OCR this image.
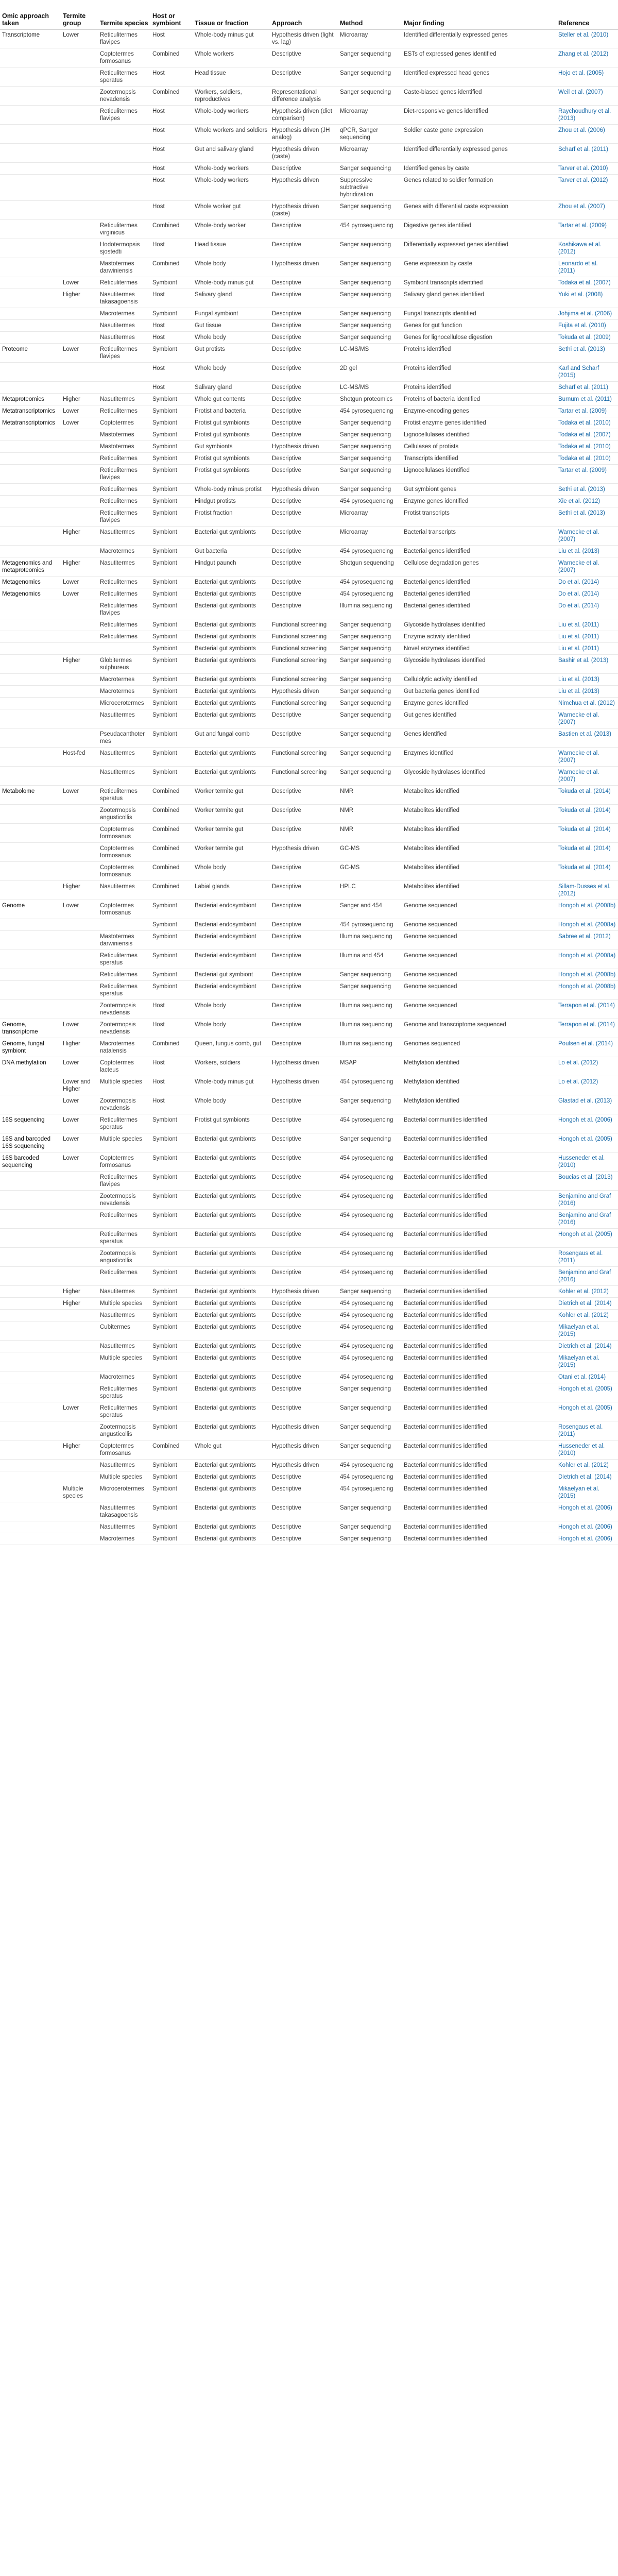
Omic approach taken	Termite group	Termite species	Host or symbiont	Tissue or fraction	Approach	Method	Major finding	Reference
Transcriptome	Lower	Reticulitermes flavipes	Host	Whole-body minus gut	Hypothesis driven (light vs. lag)	Microarray	Identified differentially expressed genes	Steller et al. (2010)
		Coptotermes formosanus	Combined	Whole workers	Descriptive	Sanger sequencing	ESTs of expressed genes identified	Zhang et al. (2012)
		Reticulitermes speratus	Host	Head tissue	Descriptive	Sanger sequencing	Identified expressed head genes	Hojo et al. (2005)
		Zootermopsis nevadensis	Combined	Workers, soldiers, reproductives	Representational difference analysis	Sanger sequencing	Caste-biased genes identified	Weil et al. (2007)
		Reticulitermes flavipes	Host	Whole-body workers	Hypothesis driven (diet comparison)	Microarray	Diet-responsive genes identified	Raychoudhury et al. (2013)
			Host	Whole workers and soldiers	Hypothesis driven (JH analog)	qPCR, Sanger sequencing	Soldier caste gene expression	Zhou et al. (2006)
			Host	Gut and salivary gland	Hypothesis driven (caste)	Microarray	Identified differentially expressed genes	Scharf et al. (2011)
			Host	Whole-body workers	Descriptive	Sanger sequencing	Identified genes by caste	Tarver et al. (2010)
			Host	Whole-body workers	Hypothesis driven	Suppressive subtractive hybridization	Genes related to soldier formation	Tarver et al. (2012)
			Host	Whole worker gut	Hypothesis driven (caste)	Sanger sequencing	Genes with differential caste expression	Zhou et al. (2007)
		Reticulitermes virginicus	Combined	Whole-body worker	Descriptive	454 pyrosequencing	Digestive genes identified	Tartar et al. (2009)
		Hodotermopsis sjostedti	Host	Head tissue	Descriptive	Sanger sequencing	Differentially expressed genes identified	Koshikawa et al. (2012)
		Mastotermes darwiniensis	Combined	Whole body	Hypothesis driven	Sanger sequencing	Gene expression by caste	Leonardo et al. (2011)
	Lower	Reticulitermes	Symbiont	Whole-body minus gut	Descriptive	Sanger sequencing	Symbiont transcripts identified	Todaka et al. (2007)
	Higher	Nasutitermes takasagoensis	Host	Salivary gland	Descriptive	Sanger sequencing	Salivary gland genes identified	Yuki et al. (2008)
		Macrotermes	Symbiont	Fungal symbiont	Descriptive	Sanger sequencing	Fungal transcripts identified	Johjima et al. (2006)
		Nasutitermes	Host	Gut tissue	Descriptive	Sanger sequencing	Genes for gut function	Fujita et al. (2010)
		Nasutitermes	Host	Whole body	Descriptive	Sanger sequencing	Genes for lignocellulose digestion	Tokuda et al. (2009)
Proteome	Lower	Reticulitermes flavipes	Symbiont	Gut protists	Descriptive	LC-MS/MS	Proteins identified	Sethi et al. (2013)
			Host	Whole body	Descriptive	2D gel	Proteins identified	Karl and Scharf (2015)
			Host	Salivary gland	Descriptive	LC-MS/MS	Proteins identified	Scharf et al. (2011)
Metaproteomics	Higher	Nasutitermes	Symbiont	Whole gut contents	Descriptive	Shotgun proteomics	Proteins of bacteria identified	Burnum et al. (2011)
Metatranscriptomics	Lower	Reticulitermes	Symbiont	Protist and bacteria	Descriptive	454 pyrosequencing	Enzyme-encoding genes	Tartar et al. (2009)
Metatranscriptomics	Lower	Coptotermes	Symbiont	Protist gut symbionts	Descriptive	Sanger sequencing	Protist enzyme genes identified	Todaka et al. (2010)
		Mastotermes	Symbiont	Protist gut symbionts	Descriptive	Sanger sequencing	Lignocellulases identified	Todaka et al. (2007)
		Mastotermes	Symbiont	Gut symbionts	Hypothesis driven	Sanger sequencing	Cellulases of protists	Todaka et al. (2010)
		Reticulitermes	Symbiont	Protist gut symbionts	Descriptive	Sanger sequencing	Transcripts identified	Todaka et al. (2010)
		Reticulitermes flavipes	Symbiont	Protist gut symbionts	Descriptive	Sanger sequencing	Lignocellulases identified	Tartar et al. (2009)
		Reticulitermes	Symbiont	Whole-body minus protist	Hypothesis driven	Sanger sequencing	Gut symbiont genes	Sethi et al. (2013)
		Reticulitermes	Symbiont	Hindgut protists	Descriptive	454 pyrosequencing	Enzyme genes identified	Xie et al. (2012)
		Reticulitermes flavipes	Symbiont	Protist fraction	Descriptive	Microarray	Protist transcripts	Sethi et al. (2013)
	Higher	Nasutitermes	Symbiont	Bacterial gut symbionts	Descriptive	Microarray	Bacterial transcripts	Warnecke et al. (2007)
		Macrotermes	Symbiont	Gut bacteria	Descriptive	454 pyrosequencing	Bacterial genes identified	Liu et al. (2013)
Metagenomics and metaproteomics	Higher	Nasutitermes	Symbiont	Hindgut paunch	Descriptive	Shotgun sequencing	Cellulose degradation genes	Warnecke et al. (2007)
Metagenomics	Lower	Reticulitermes	Symbiont	Bacterial gut symbionts	Descriptive	454 pyrosequencing	Bacterial genes identified	Do et al. (2014)
Metagenomics	Lower	Reticulitermes	Symbiont	Bacterial gut symbionts	Descriptive	454 pyrosequencing	Bacterial genes identified	Do et al. (2014)
		Reticulitermes flavipes	Symbiont	Bacterial gut symbionts	Descriptive	Illumina sequencing	Bacterial genes identified	Do et al. (2014)
		Reticulitermes	Symbiont	Bacterial gut symbionts	Functional screening	Sanger sequencing	Glycoside hydrolases identified	Liu et al. (2011)
		Reticulitermes	Symbiont	Bacterial gut symbionts	Functional screening	Sanger sequencing	Enzyme activity identified	Liu et al. (2011)
			Symbiont	Bacterial gut symbionts	Functional screening	Sanger sequencing	Novel enzymes identified	Liu et al. (2011)
	Higher	Globitermes sulphureus	Symbiont	Bacterial gut symbionts	Functional screening	Sanger sequencing	Glycoside hydrolases identified	Bashir et al. (2013)
		Macrotermes	Symbiont	Bacterial gut symbionts	Functional screening	Sanger sequencing	Cellulolytic activity identified	Liu et al. (2013)
		Macrotermes	Symbiont	Bacterial gut symbionts	Hypothesis driven	Sanger sequencing	Gut bacteria genes identified	Liu et al. (2013)
		Microcerotermes	Symbiont	Bacterial gut symbionts	Functional screening	Sanger sequencing	Enzyme genes identified	Nimchua et al. (2012)
		Nasutitermes	Symbiont	Bacterial gut symbionts	Descriptive	Sanger sequencing	Gut genes identified	Warnecke et al. (2007)
		Pseudacanthotermes	Symbiont	Gut and fungal comb	Descriptive	Sanger sequencing	Genes identified	Bastien et al. (2013)
	Host-fed	Nasutitermes	Symbiont	Bacterial gut symbionts	Functional screening	Sanger sequencing	Enzymes identified	Warnecke et al. (2007)
		Nasutitermes	Symbiont	Bacterial gut symbionts	Functional screening	Sanger sequencing	Glycoside hydrolases identified	Warnecke et al. (2007)
Metabolome	Lower	Reticulitermes speratus	Combined	Worker termite gut	Descriptive	NMR	Metabolites identified	Tokuda et al. (2014)
		Zootermopsis angusticollis	Combined	Worker termite gut	Descriptive	NMR	Metabolites identified	Tokuda et al. (2014)
		Coptotermes formosanus	Combined	Worker termite gut	Descriptive	NMR	Metabolites identified	Tokuda et al. (2014)
		Coptotermes formosanus	Combined	Worker termite gut	Hypothesis driven	GC-MS	Metabolites identified	Tokuda et al. (2014)
		Coptotermes formosanus	Combined	Whole body	Descriptive	GC-MS	Metabolites identified	Tokuda et al. (2014)
	Higher	Nasutitermes	Combined	Labial glands	Descriptive	HPLC	Metabolites identified	Sillam-Dusses et al. (2012)
Genome	Lower	Coptotermes formosanus	Symbiont	Bacterial endosymbiont	Descriptive	Sanger and 454	Genome sequenced	Hongoh et al. (2008b)
			Symbiont	Bacterial endosymbiont	Descriptive	454 pyrosequencing	Genome sequenced	Hongoh et al. (2008a)
		Mastotermes darwiniensis	Symbiont	Bacterial endosymbiont	Descriptive	Illumina sequencing	Genome sequenced	Sabree et al. (2012)
		Reticulitermes speratus	Symbiont	Bacterial endosymbiont	Descriptive	Illumina and 454	Genome sequenced	Hongoh et al. (2008a)
		Reticulitermes	Symbiont	Bacterial gut symbiont	Descriptive	Sanger sequencing	Genome sequenced	Hongoh et al. (2008b)
		Reticulitermes speratus	Symbiont	Bacterial endosymbiont	Descriptive	Sanger sequencing	Genome sequenced	Hongoh et al. (2008b)
		Zootermopsis nevadensis	Host	Whole body	Descriptive	Illumina sequencing	Genome sequenced	Terrapon et al. (2014)
Genome, transcriptome	Lower	Zootermopsis nevadensis	Host	Whole body	Descriptive	Illumina sequencing	Genome and transcriptome sequenced	Terrapon et al. (2014)
Genome, fungal symbiont	Higher	Macrotermes natalensis	Combined	Queen, fungus comb, gut	Descriptive	Illumina sequencing	Genomes sequenced	Poulsen et al. (2014)
DNA methylation	Lower	Coptotermes lacteus	Host	Workers, soldiers	Hypothesis driven	MSAP	Methylation identified	Lo et al. (2012)
	Lower and Higher	Multiple species	Host	Whole-body minus gut	Hypothesis driven	454 pyrosequencing	Methylation identified	Lo et al. (2012)
	Lower	Zootermopsis nevadensis	Host	Whole body	Descriptive	Sanger sequencing	Methylation identified	Glastad et al. (2013)
16S sequencing	Lower	Reticulitermes speratus	Symbiont	Protist gut symbionts	Descriptive	454 pyrosequencing	Bacterial communities identified	Hongoh et al. (2006)
16S and barcoded 16S sequencing	Lower	Multiple species	Symbiont	Bacterial gut symbionts	Descriptive	Sanger sequencing	Bacterial communities identified	Hongoh et al. (2005)
16S barcoded sequencing	Lower	Coptotermes formosanus	Symbiont	Bacterial gut symbionts	Descriptive	454 pyrosequencing	Bacterial communities identified	Husseneder et al. (2010)
		Reticulitermes flavipes	Symbiont	Bacterial gut symbionts	Descriptive	454 pyrosequencing	Bacterial communities identified	Boucias et al. (2013)
		Zootermopsis nevadensis	Symbiont	Bacterial gut symbionts	Descriptive	454 pyrosequencing	Bacterial communities identified	Benjamino and Graf (2016)
		Reticulitermes	Symbiont	Bacterial gut symbionts	Descriptive	454 pyrosequencing	Bacterial communities identified	Benjamino and Graf (2016)
		Reticulitermes speratus	Symbiont	Bacterial gut symbionts	Descriptive	454 pyrosequencing	Bacterial communities identified	Hongoh et al. (2005)
		Zootermopsis angusticollis	Symbiont	Bacterial gut symbionts	Descriptive	454 pyrosequencing	Bacterial communities identified	Rosengaus et al. (2011)
		Reticulitermes	Symbiont	Bacterial gut symbionts	Descriptive	454 pyrosequencing	Bacterial communities identified	Benjamino and Graf (2016)
	Higher	Nasutitermes	Symbiont	Bacterial gut symbionts	Hypothesis driven	Sanger sequencing	Bacterial communities identified	Kohler et al. (2012)
	Higher	Multiple species	Symbiont	Bacterial gut symbionts	Descriptive	454 pyrosequencing	Bacterial communities identified	Dietrich et al. (2014)
		Nasutitermes	Symbiont	Bacterial gut symbionts	Descriptive	454 pyrosequencing	Bacterial communities identified	Kohler et al. (2012)
		Cubitermes	Symbiont	Bacterial gut symbionts	Descriptive	454 pyrosequencing	Bacterial communities identified	Mikaelyan et al. (2015)
		Nasutitermes	Symbiont	Bacterial gut symbionts	Descriptive	454 pyrosequencing	Bacterial communities identified	Dietrich et al. (2014)
		Multiple species	Symbiont	Bacterial gut symbionts	Descriptive	454 pyrosequencing	Bacterial communities identified	Mikaelyan et al. (2015)
		Macrotermes	Symbiont	Bacterial gut symbionts	Descriptive	454 pyrosequencing	Bacterial communities identified	Otani et al. (2014)
		Reticulitermes speratus	Symbiont	Bacterial gut symbionts	Descriptive	Sanger sequencing	Bacterial communities identified	Hongoh et al. (2005)
	Lower	Reticulitermes speratus	Symbiont	Bacterial gut symbionts	Descriptive	Sanger sequencing	Bacterial communities identified	Hongoh et al. (2005)
		Zootermopsis angusticollis	Symbiont	Bacterial gut symbionts	Hypothesis driven	Sanger sequencing	Bacterial communities identified	Rosengaus et al. (2011)
	Higher	Coptotermes formosanus	Combined	Whole gut	Hypothesis driven	Sanger sequencing	Bacterial communities identified	Husseneder et al. (2010)
		Nasutitermes	Symbiont	Bacterial gut symbionts	Hypothesis driven	454 pyrosequencing	Bacterial communities identified	Kohler et al. (2012)
		Multiple species	Symbiont	Bacterial gut symbionts	Descriptive	454 pyrosequencing	Bacterial communities identified	Dietrich et al. (2014)
	Multiple species	Microcerotermes	Symbiont	Bacterial gut symbionts	Descriptive	454 pyrosequencing	Bacterial communities identified	Mikaelyan et al. (2015)
		Nasutitermes takasagoensis	Symbiont	Bacterial gut symbionts	Descriptive	Sanger sequencing	Bacterial communities identified	Hongoh et al. (2006)
		Nasutitermes	Symbiont	Bacterial gut symbionts	Descriptive	Sanger sequencing	Bacterial communities identified	Hongoh et al. (2006)
		Macrotermes	Symbiont	Bacterial gut symbionts	Descriptive	Sanger sequencing	Bacterial communities identified	Hongoh et al. (2006)
